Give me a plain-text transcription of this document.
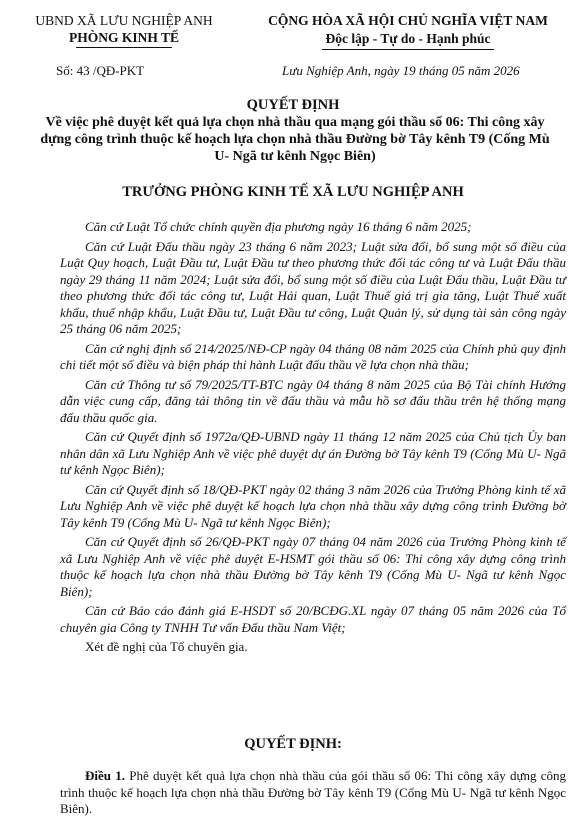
UBND XÃ LƯU NGHIỆP ANH
PHÒNG KINH TẾ
CỘNG HÒA XÃ HỘI CHỦ NGHĨA VIỆT NAM
Độc lập - Tự do - Hạnh phúc
Số: 43 /QĐ-PKT	Lưu Nghiệp Anh, ngày 19 tháng 05 năm 2026
QUYẾT ĐỊNH
Về việc phê duyệt kết quả lựa chọn nhà thầu qua mạng gói thầu số 06: Thi công xây dựng công trình thuộc kế hoạch lựa chọn nhà thầu Đường bờ Tây kênh T9 (Cống Mù U- Ngã tư kênh Ngọc Biên)
TRƯỞNG PHÒNG KINH TẾ XÃ LƯU NGHIỆP ANH

Căn cứ Luật Tổ chức chính quyền địa phương ngày 16 tháng 6 năm 2025;

Căn cứ Luật Đấu thầu ngày 23 tháng 6 năm 2023; Luật sửa đổi, bổ sung một số điều của Luật Quy hoạch, Luật Đầu tư, Luật Đầu tư theo phương thức đối tác công tư và Luật Đấu thầu ngày 29 tháng 11 năm 2024; Luật sửa đổi, bổ sung một số điều của Luật Đấu thầu, Luật Đầu tư theo phương thức đối tác công tư, Luật Hải quan, Luật Thuế giá trị gia tăng, Luật Thuế xuất khẩu, thuế nhập khẩu, Luật Đầu tư, Luật Đầu tư công, Luật Quản lý, sử dụng tài sản công ngày 25 tháng 06 năm 2025;

Căn cứ nghị định số 214/2025/NĐ-CP ngày 04 tháng 08 năm 2025 của Chính phủ quy định chi tiết một số điều và biện pháp thi hành Luật đấu thầu về lựa chọn nhà thầu;

Căn cứ Thông tư số 79/2025/TT-BTC ngày 04 tháng 8 năm 2025 của Bộ Tài chính Hướng dẫn việc cung cấp, đăng tải thông tin về đấu thầu và mẫu hồ sơ đấu thầu trên hệ thống mạng đấu thầu quốc gia.

Căn cứ Quyết định số 1972a/QĐ-UBND ngày 11 tháng 12 năm 2025 của Chủ tịch Ủy ban nhân dân xã Lưu Nghiệp Anh về việc phê duyệt dự án Đường bờ Tây kênh T9 (Cống Mù U- Ngã tư kênh Ngọc Biên);

Căn cứ Quyết định số 18/QĐ-PKT ngày 02 tháng 3 năm 2026 của Trưởng Phòng kinh tế xã Lưu Nghiệp Anh về việc phê duyệt kế hoạch lựa chọn nhà thầu xây dựng công trình Đường bờ Tây kênh T9 (Cống Mù U- Ngã tư kênh Ngọc Biên);

Căn cứ Quyết định số 26/QĐ-PKT ngày 07 tháng 04 năm 2026 của Trưởng Phòng kinh tế xã Lưu Nghiệp Anh về việc phê duyệt E-HSMT gói thầu số 06: Thi công xây dựng công trình thuộc kế hoạch lựa chọn nhà thầu Đường bờ Tây kênh T9 (Cống Mù U- Ngã tư kênh Ngọc Biên);

Căn cứ Báo cáo đánh giá E-HSDT số 20/BCĐG.XL ngày 07 tháng 05 năm 2026 của Tổ chuyên gia Công ty TNHH Tư vấn Đấu thầu Nam Việt;

Xét đề nghị của Tổ chuyên gia.

QUYẾT ĐỊNH:
Điều 1. Phê duyệt kết quả lựa chọn nhà thầu của gói thầu số 06: Thi công xây dựng công trình thuộc kế hoạch lựa chọn nhà thầu Đường bờ Tây kênh T9 (Cống Mù U- Ngã tư kênh Ngọc Biên).
